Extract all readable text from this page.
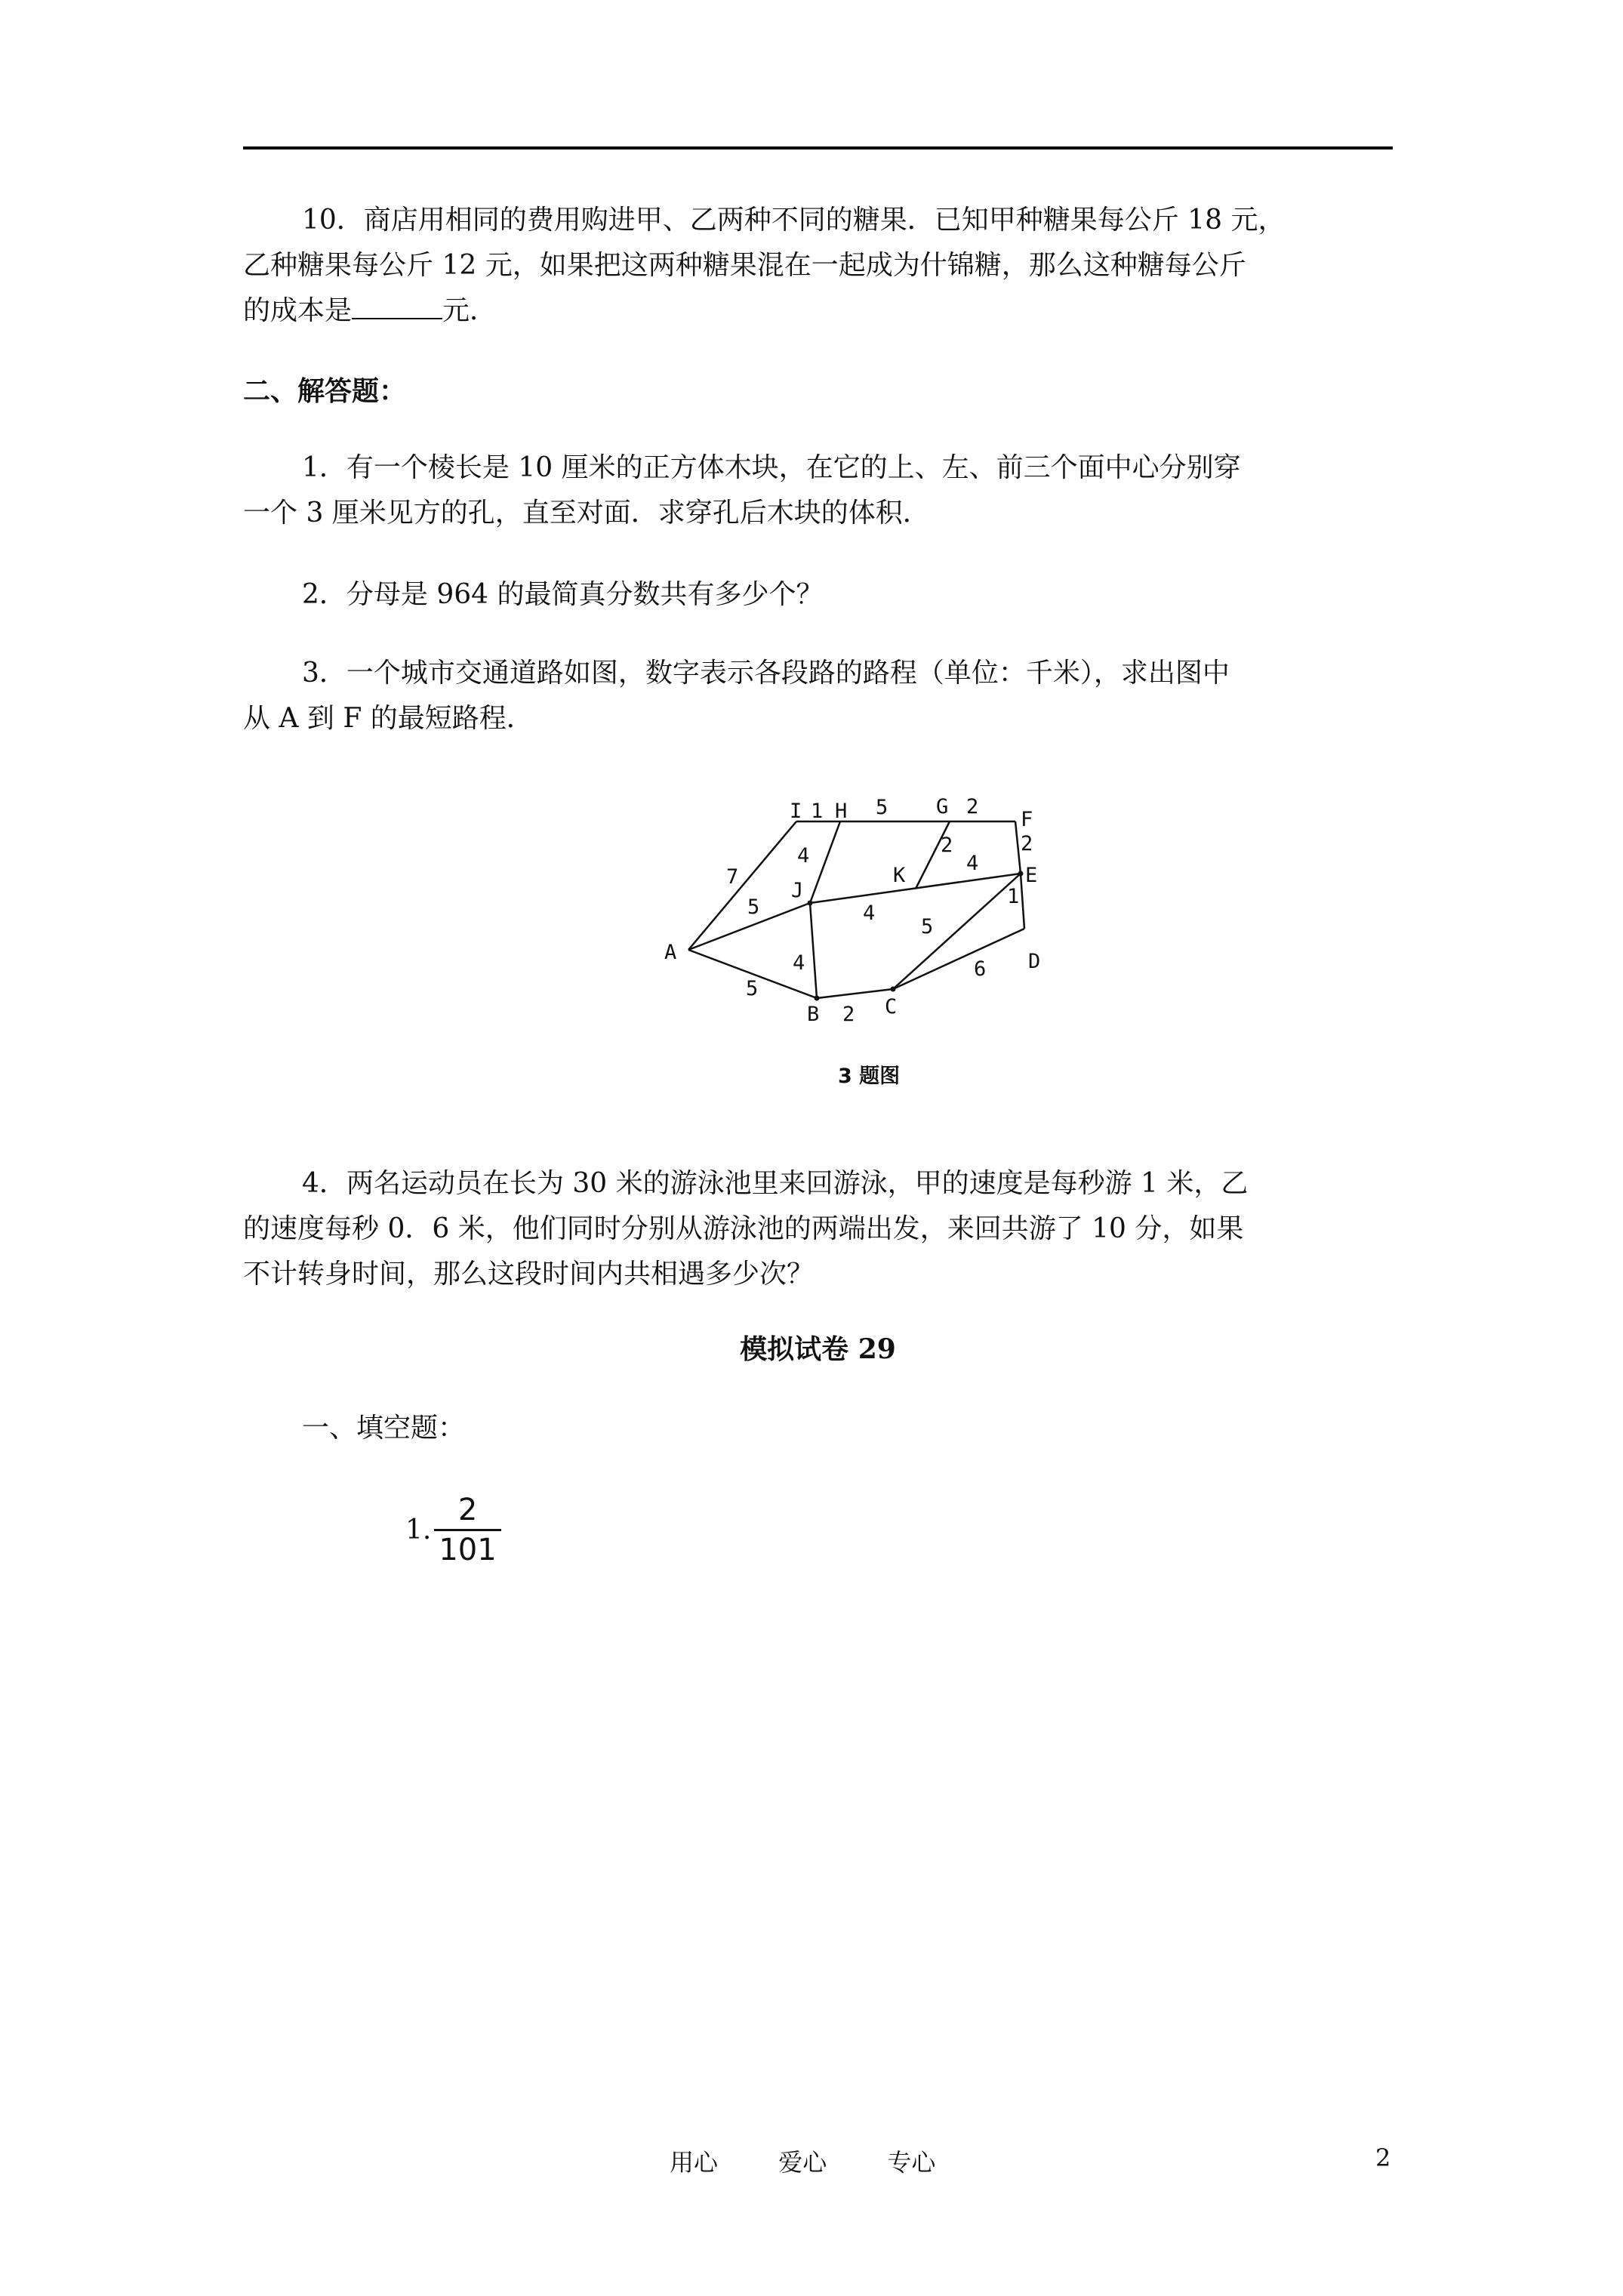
10．商店用相同的费用购进甲、乙两种不同的糖果．已知甲种糖果每公斤 18 元，
乙种糖果每公斤 12 元，如果把这两种糖果混在一起成为什锦糖，那么这种糖每公斤
的成本是	元．
二、解答题：
1．有一个棱长是 10 厘米的正方体木块，在它的上、左、前三个面中心分别穿
一个 3 厘米见方的孔，直至对面．求穿孔后木块的体积．
2．分母是 964 的最简真分数共有多少个？
3．一个城市交通道路如图，数字表示各段路的路程（单位：千米），求出图中
从 A 到 F 的最短路程．
I H	G
F
K
J
E
A
B	C
D
1	5	2
4	2
4
2
7
5	4
1
5
4
5
6
2
3 题图
4．两名运动员在长为 30 米的游泳池里来回游泳，甲的速度是每秒游 1 米，乙
的速度每秒 0．6 米，他们同时分别从游泳池的两端出发，来回共游了 10 分，如果
不计转身时间，那么这段时间内共相遇多少次？
模拟试卷 29
一、填空题：
1. $\frac{2}{101}$
用心	爱心	专心	2
